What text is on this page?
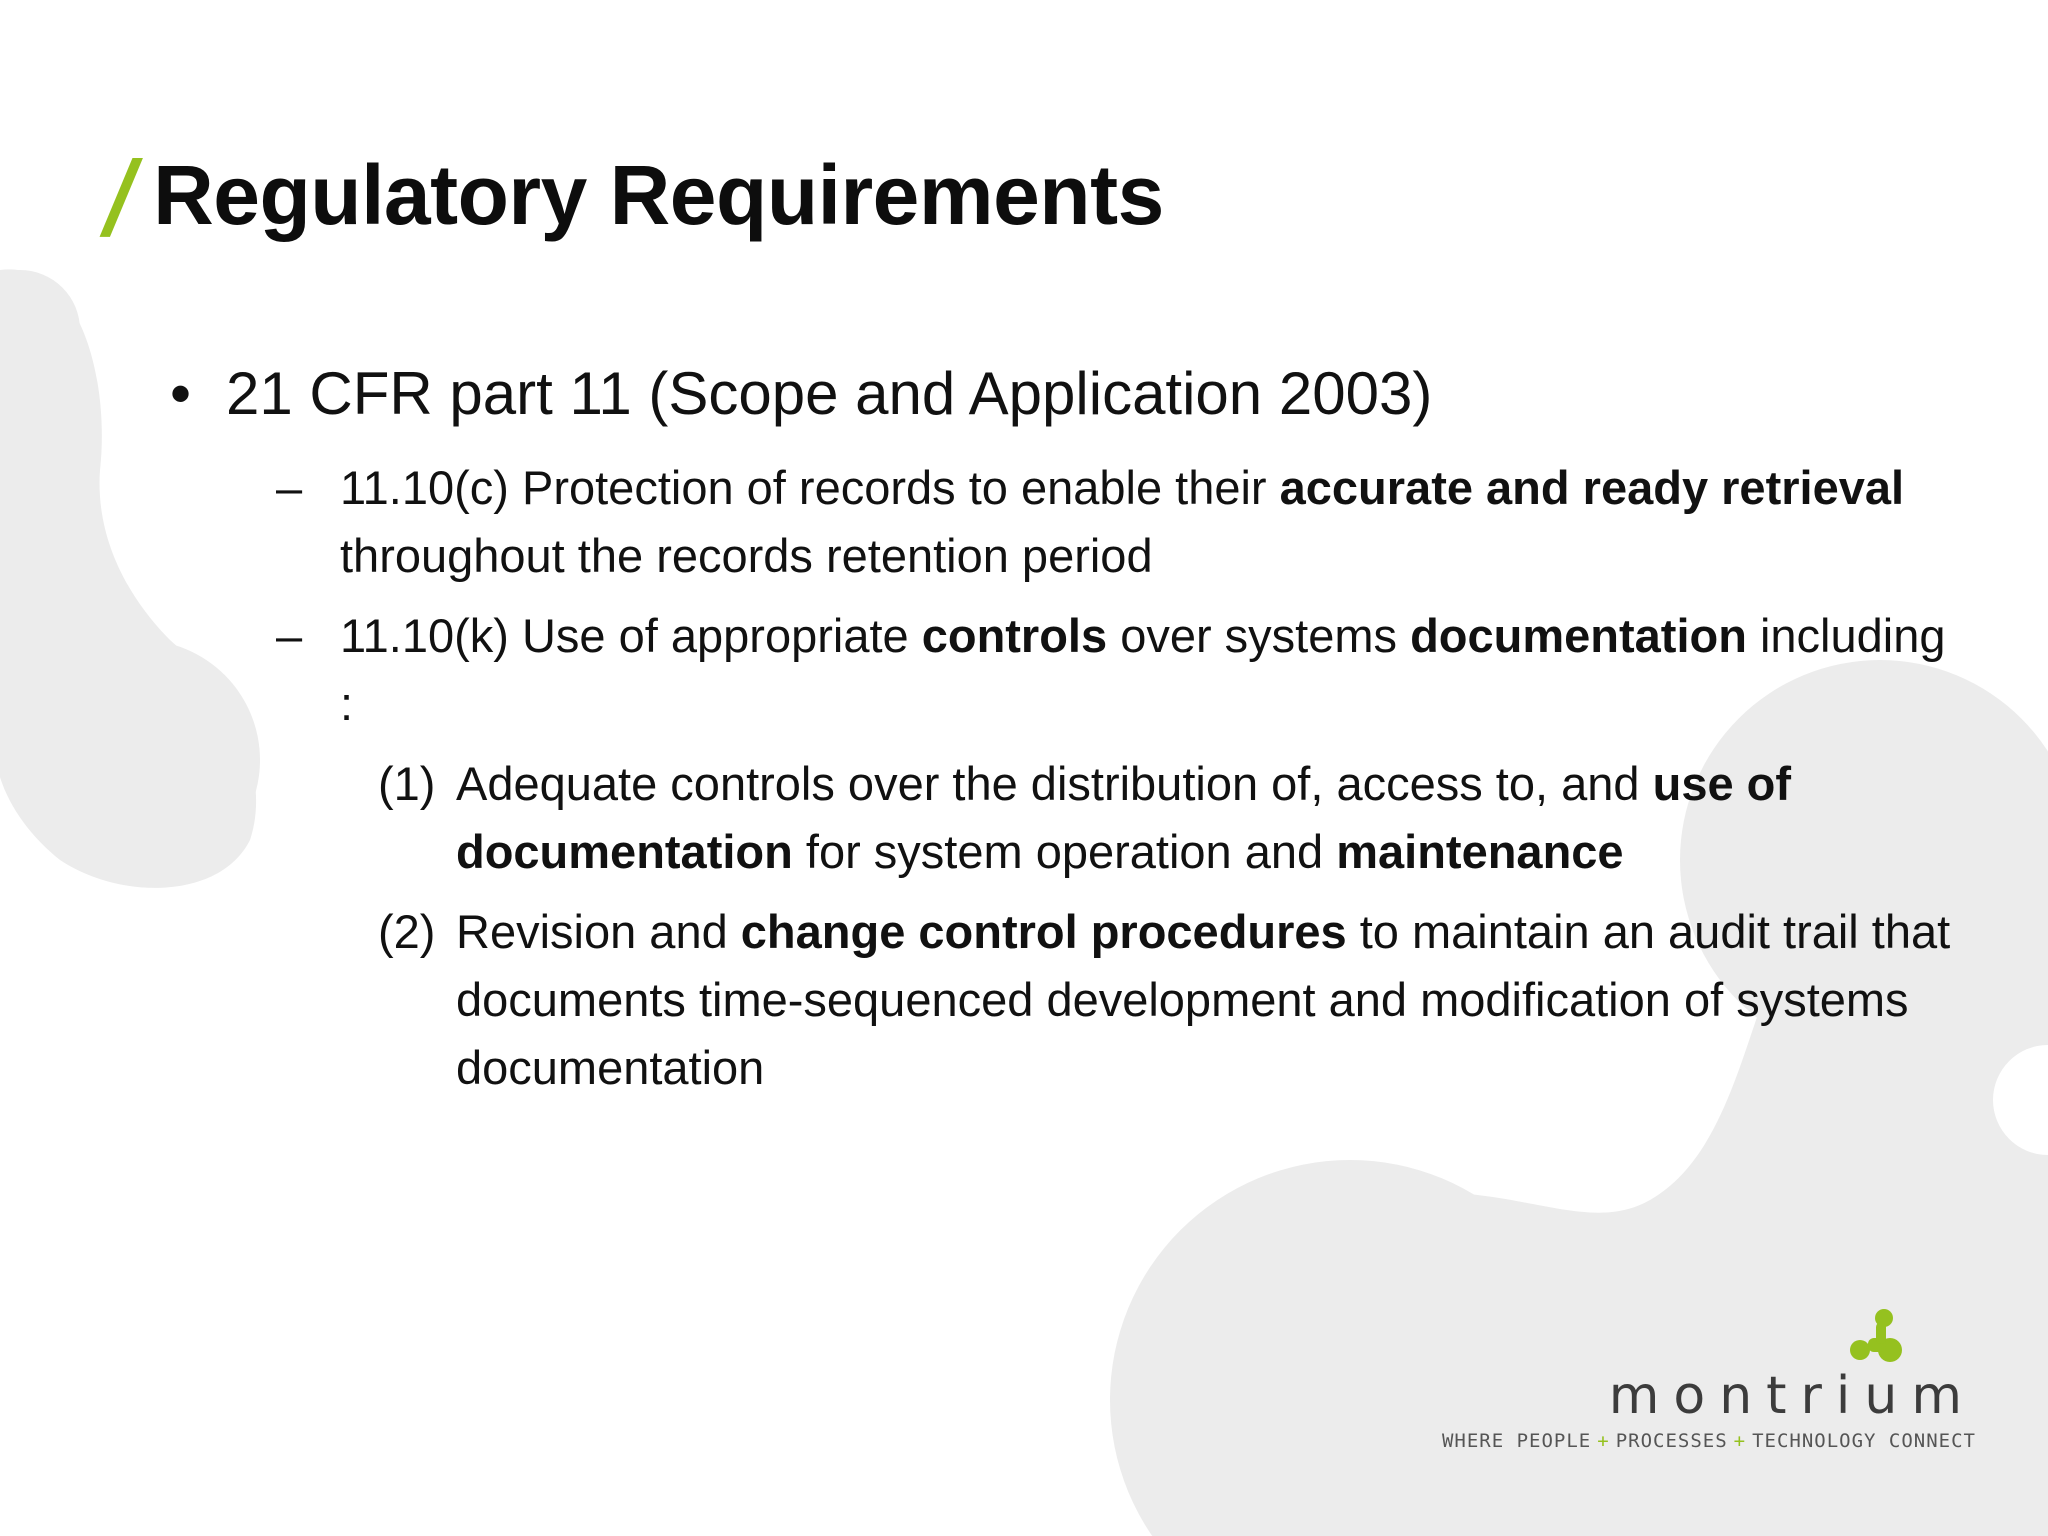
/ Regulatory Requirements
• 21 CFR part 11 (Scope and Application 2003)
– 11.10(c) Protection of records to enable their accurate and ready retrieval throughout the records retention period
– 11.10(k) Use of appropriate controls over systems documentation including :
(1) Adequate controls over the distribution of, access to, and use of documentation for system operation and maintenance
(2) Revision and change control procedures to maintain an audit trail that documents time-sequenced development and modification of systems documentation
montrium
WHERE PEOPLE + PROCESSES + TECHNOLOGY CONNECT
